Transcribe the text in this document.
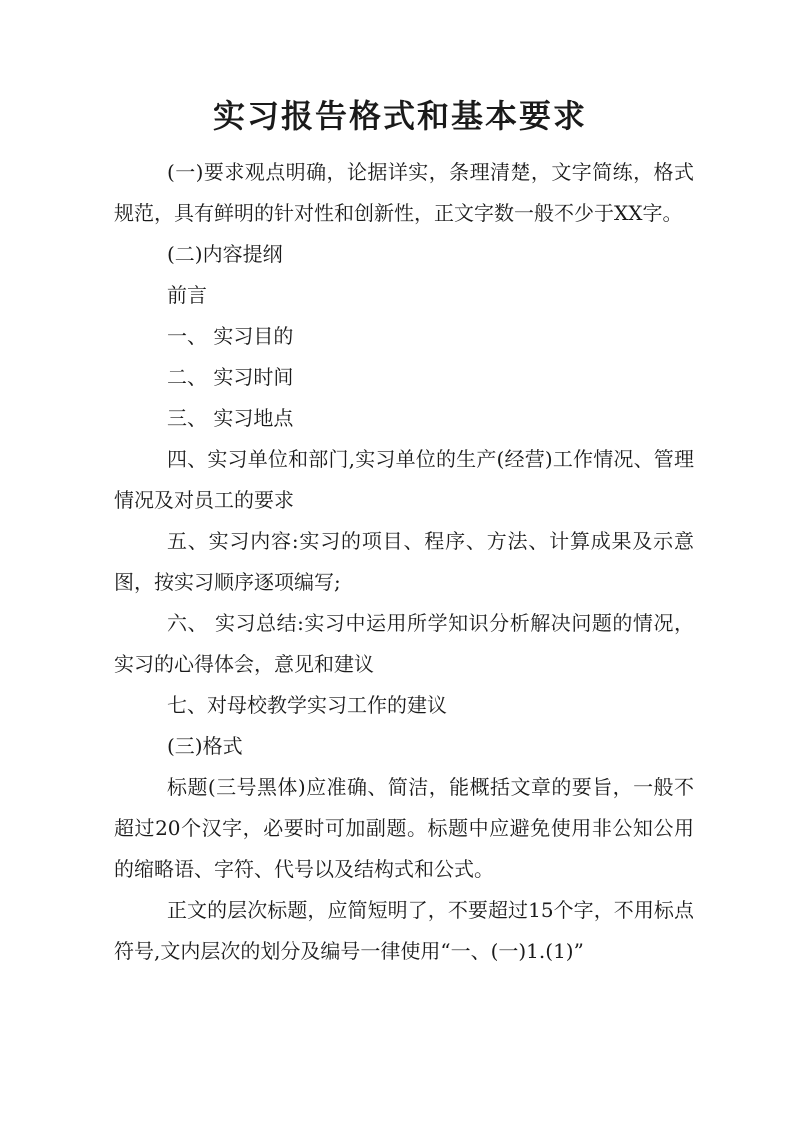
实习报告格式和基本要求

(一)要求观点明确，论据详实，条理清楚，文字简练，格式规范，具有鲜明的针对性和创新性，正文字数一般不少于XX字。

(二)内容提纲

前言

一、 实习目的

二、 实习时间

三、 实习地点

四、实习单位和部门,实习单位的生产(经营)工作情况、管理情况及对员工的要求

五、实习内容:实习的项目、程序、方法、计算成果及示意图，按实习顺序逐项编写;

六、 实习总结:实习中运用所学知识分析解决问题的情况，实习的心得体会，意见和建议

七、对母校教学实习工作的建议

(三)格式

标题(三号黑体)应准确、简洁，能概括文章的要旨，一般不超过20个汉字，必要时可加副题。标题中应避免使用非公知公用的缩略语、字符、代号以及结构式和公式。

正文的层次标题，应简短明了，不要超过15个字，不用标点符号,文内层次的划分及编号一律使用“一、(一)1.(1)”
